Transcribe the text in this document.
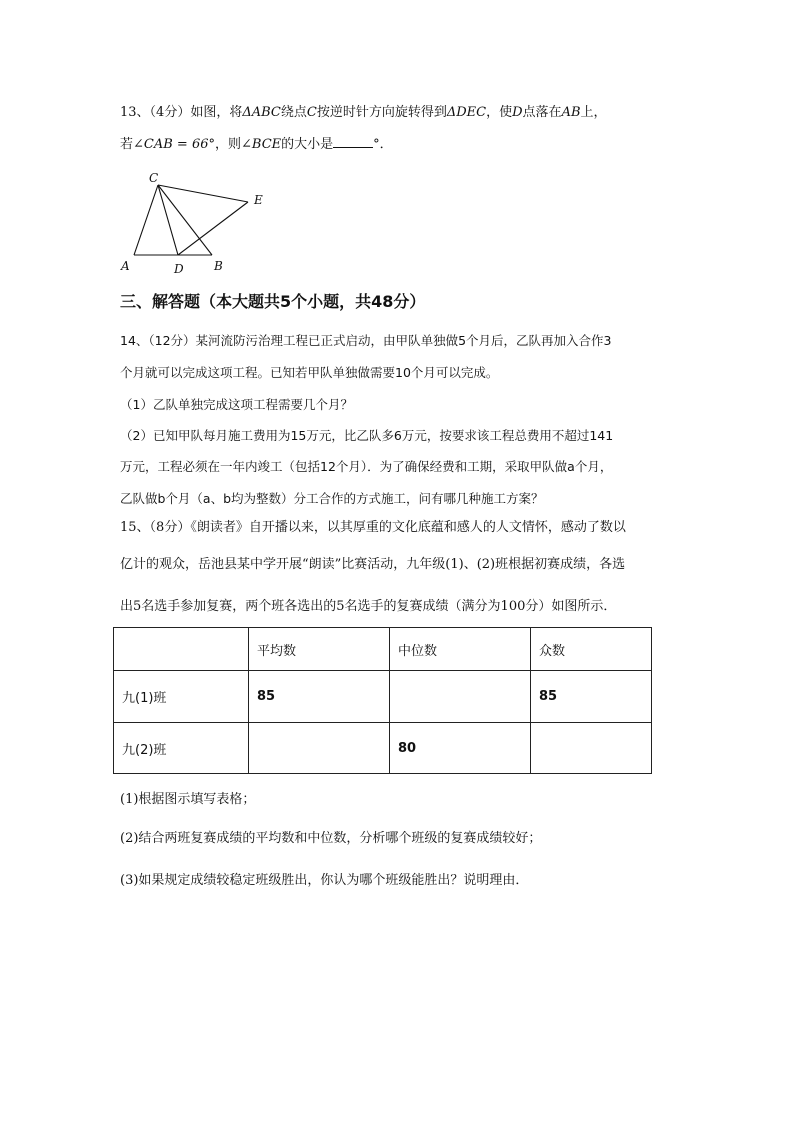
13、（4分）如图，将ΔABC绕点C按逆时针方向旋转得到ΔDEC，使D点落在AB上，
若∠CAB = 66°，则∠BCE的大小是	°．
C
E
A	D	B
三、解答题（本大题共5个小题，共48分）
14、（12分）某河流防污治理工程已正式启动，由甲队单独做5个月后，乙队再加入合作3
个月就可以完成这项工程。已知若甲队单独做需要10个月可以完成。
（1）乙队单独完成这项工程需要几个月？
（2）已知甲队每月施工费用为15万元，比乙队多6万元，按要求该工程总费用不超过141
万元，工程必须在一年内竣工（包括12个月）．为了确保经费和工期，采取甲队做a个月，
乙队做b个月（a、b均为整数）分工合作的方式施工，问有哪几种施工方案？
15、（8分）《朗读者》自开播以来，以其厚重的文化底蕴和感人的人文情怀，感动了数以
亿计的观众，岳池县某中学开展“朗读”比赛活动，九年级(1)、(2)班根据初赛成绩，各选
出5名选手参加复赛，两个班各选出的5名选手的复赛成绩（满分为100分）如图所示．
	平均数	中位数	众数
九(1)班	85		85
九(2)班		80	
(1)根据图示填写表格；
(2)结合两班复赛成绩的平均数和中位数，分析哪个班级的复赛成绩较好；
(3)如果规定成绩较稳定班级胜出，你认为哪个班级能胜出？说明理由．
